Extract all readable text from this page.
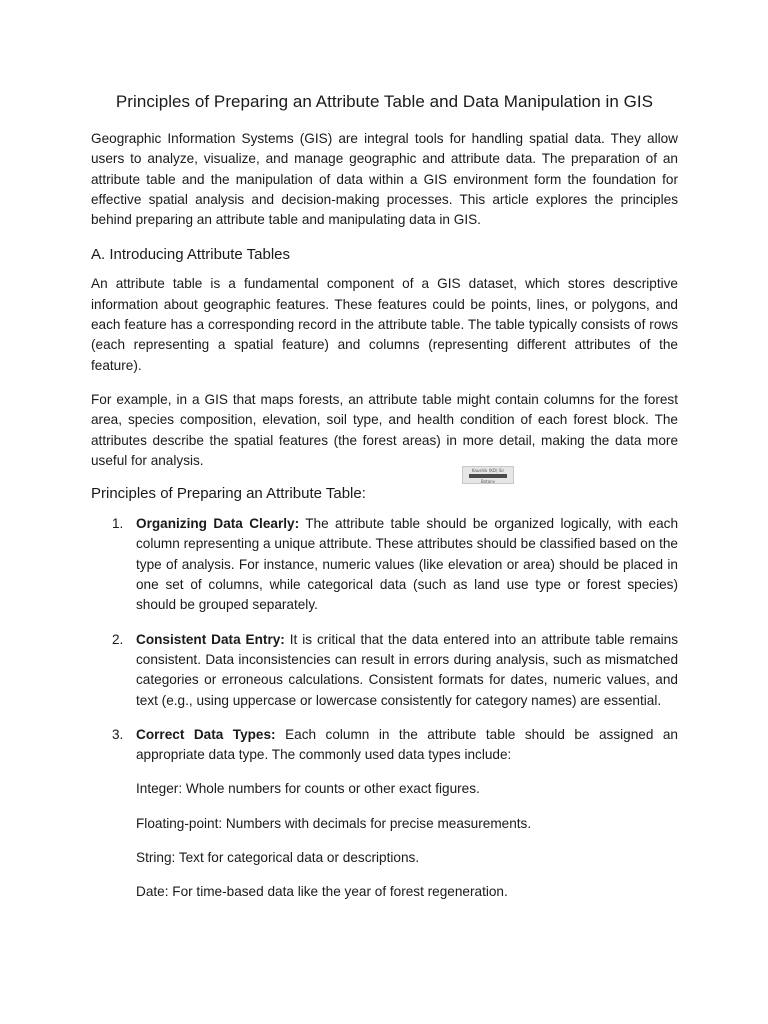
Principles of Preparing an Attribute Table and Data Manipulation in GIS

Geographic Information Systems (GIS) are integral tools for handling spatial data. They allow users to analyze, visualize, and manage geographic and attribute data. The preparation of an attribute table and the manipulation of data within a GIS environment form the foundation for effective spatial analysis and decision-making processes. This article explores the principles behind preparing an attribute table and manipulating data in GIS.

A. Introducing Attribute Tables

An attribute table is a fundamental component of a GIS dataset, which stores descriptive information about geographic features. These features could be points, lines, or polygons, and each feature has a corresponding record in the attribute table. The table typically consists of rows (each representing a spatial feature) and columns (representing different attributes of the feature).

For example, in a GIS that maps forests, an attribute table might contain columns for the forest area, species composition, elevation, soil type, and health condition of each forest block. The attributes describe the spatial features (the forest areas) in more detail, making the data more useful for analysis.

Principles of Preparing an Attribute Table:
1. Organizing Data Clearly: The attribute table should be organized logically, with each column representing a unique attribute. These attributes should be classified based on the type of analysis. For instance, numeric values (like elevation or area) should be placed in one set of columns, while categorical data (such as land use type or forest species) should be grouped separately.
2. Consistent Data Entry: It is critical that the data entered into an attribute table remains consistent. Data inconsistencies can result in errors during analysis, such as mismatched categories or erroneous calculations. Consistent formats for dates, numeric values, and text (e.g., using uppercase or lowercase consistently for category names) are essential.
3. Correct Data Types: Each column in the attribute table should be assigned an appropriate data type. The commonly used data types include:
Integer: Whole numbers for counts or other exact figures.
Floating-point: Numbers with decimals for precise measurements.
String: Text for categorical data or descriptions.
Date: For time-based data like the year of forest regeneration.
Kaushik (KD) Sir
Botany
